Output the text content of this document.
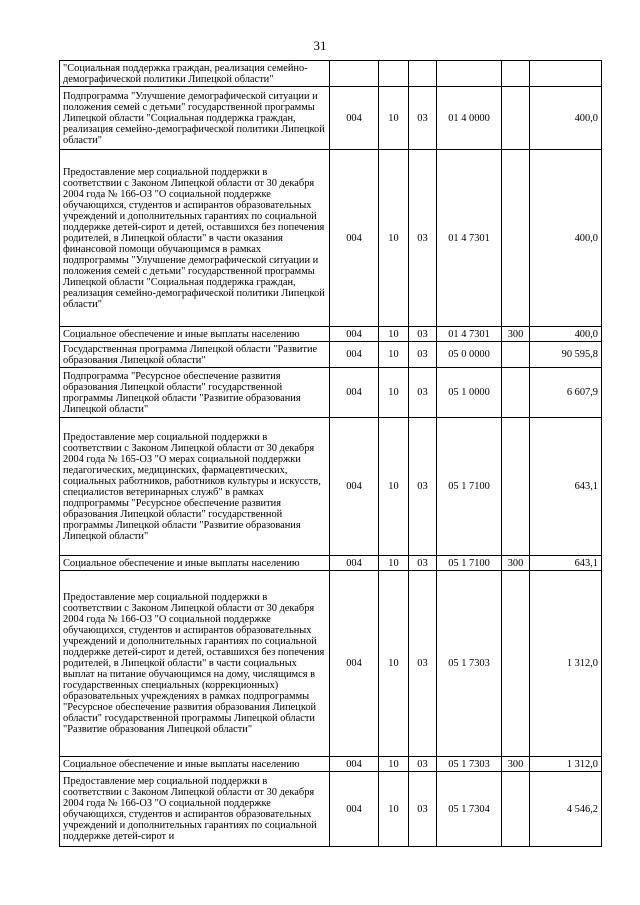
31
"Социальная поддержка граждан, реализация семейно-демографической политики Липецкой области"						
Подпрограмма "Улучшение демографической ситуации и положения семей с детьми" государственной программы Липецкой области "Социальная поддержка граждан, реализация семейно-демографической политики Липецкой области"	004	10	03	01 4 0000		400,0
Предоставление мер социальной поддержки в соответствии с Законом Липецкой области от 30 декабря 2004 года № 166-ОЗ "О социальной поддержке обучающихся, студентов и аспирантов образовательных учреждений и дополнительных гарантиях по социальной поддержке детей-сирот и детей, оставшихся без попечения родителей, в Липецкой области" в части оказания финансовой помощи обучающимся в рамках подпрограммы "Улучшение демографической ситуации и положения семей с детьми" государственной программы Липецкой области "Социальная поддержка граждан, реализация семейно-демографической политики Липецкой области"	004	10	03	01 4 7301		400,0
Социальное обеспечение и иные выплаты населению	004	10	03	01 4 7301	300	400,0
Государственная программа Липецкой области "Развитие образования Липецкой области"	004	10	03	05 0 0000		90 595,8
Подпрограмма "Ресурсное обеспечение развития образования Липецкой области" государственной программы Липецкой области "Развитие образования Липецкой области"	004	10	03	05 1 0000		6 607,9
Предоставление мер социальной поддержки в соответствии с Законом Липецкой области от 30 декабря 2004 года № 165-ОЗ "О мерах социальной поддержки педагогических, медицинских, фармацевтических, социальных работников, работников культуры и искусств, специалистов ветеринарных служб" в рамках подпрограммы "Ресурсное обеспечение развития образования Липецкой области" государственной программы Липецкой области "Развитие образования Липецкой области"	004	10	03	05 1 7100		643,1
Социальное обеспечение и иные выплаты населению	004	10	03	05 1 7100	300	643,1
Предоставление мер социальной поддержки в соответствии с Законом Липецкой области от 30 декабря 2004 года № 166-ОЗ "О социальной поддержке обучающихся, студентов и аспирантов образовательных учреждений и дополнительных гарантиях по социальной поддержке детей-сирот и детей, оставшихся без попечения родителей, в Липецкой области" в части социальных выплат на питание обучающимся на дому, числящимся в государственных специальных (коррекционных) образовательных учреждениях в рамках подпрограммы "Ресурсное обеспечение развития образования Липецкой области" государственной программы Липецкой области "Развитие образования Липецкой области"	004	10	03	05 1 7303		1 312,0
Социальное обеспечение и иные выплаты населению	004	10	03	05 1 7303	300	1 312,0
Предоставление мер социальной поддержки в соответствии с Законом Липецкой области от 30 декабря 2004 года № 166-ОЗ "О социальной поддержке обучающихся, студентов и аспирантов образовательных учреждений и дополнительных гарантиях по социальной поддержке детей-сирот и	004	10	03	05 1 7304		4 546,2
